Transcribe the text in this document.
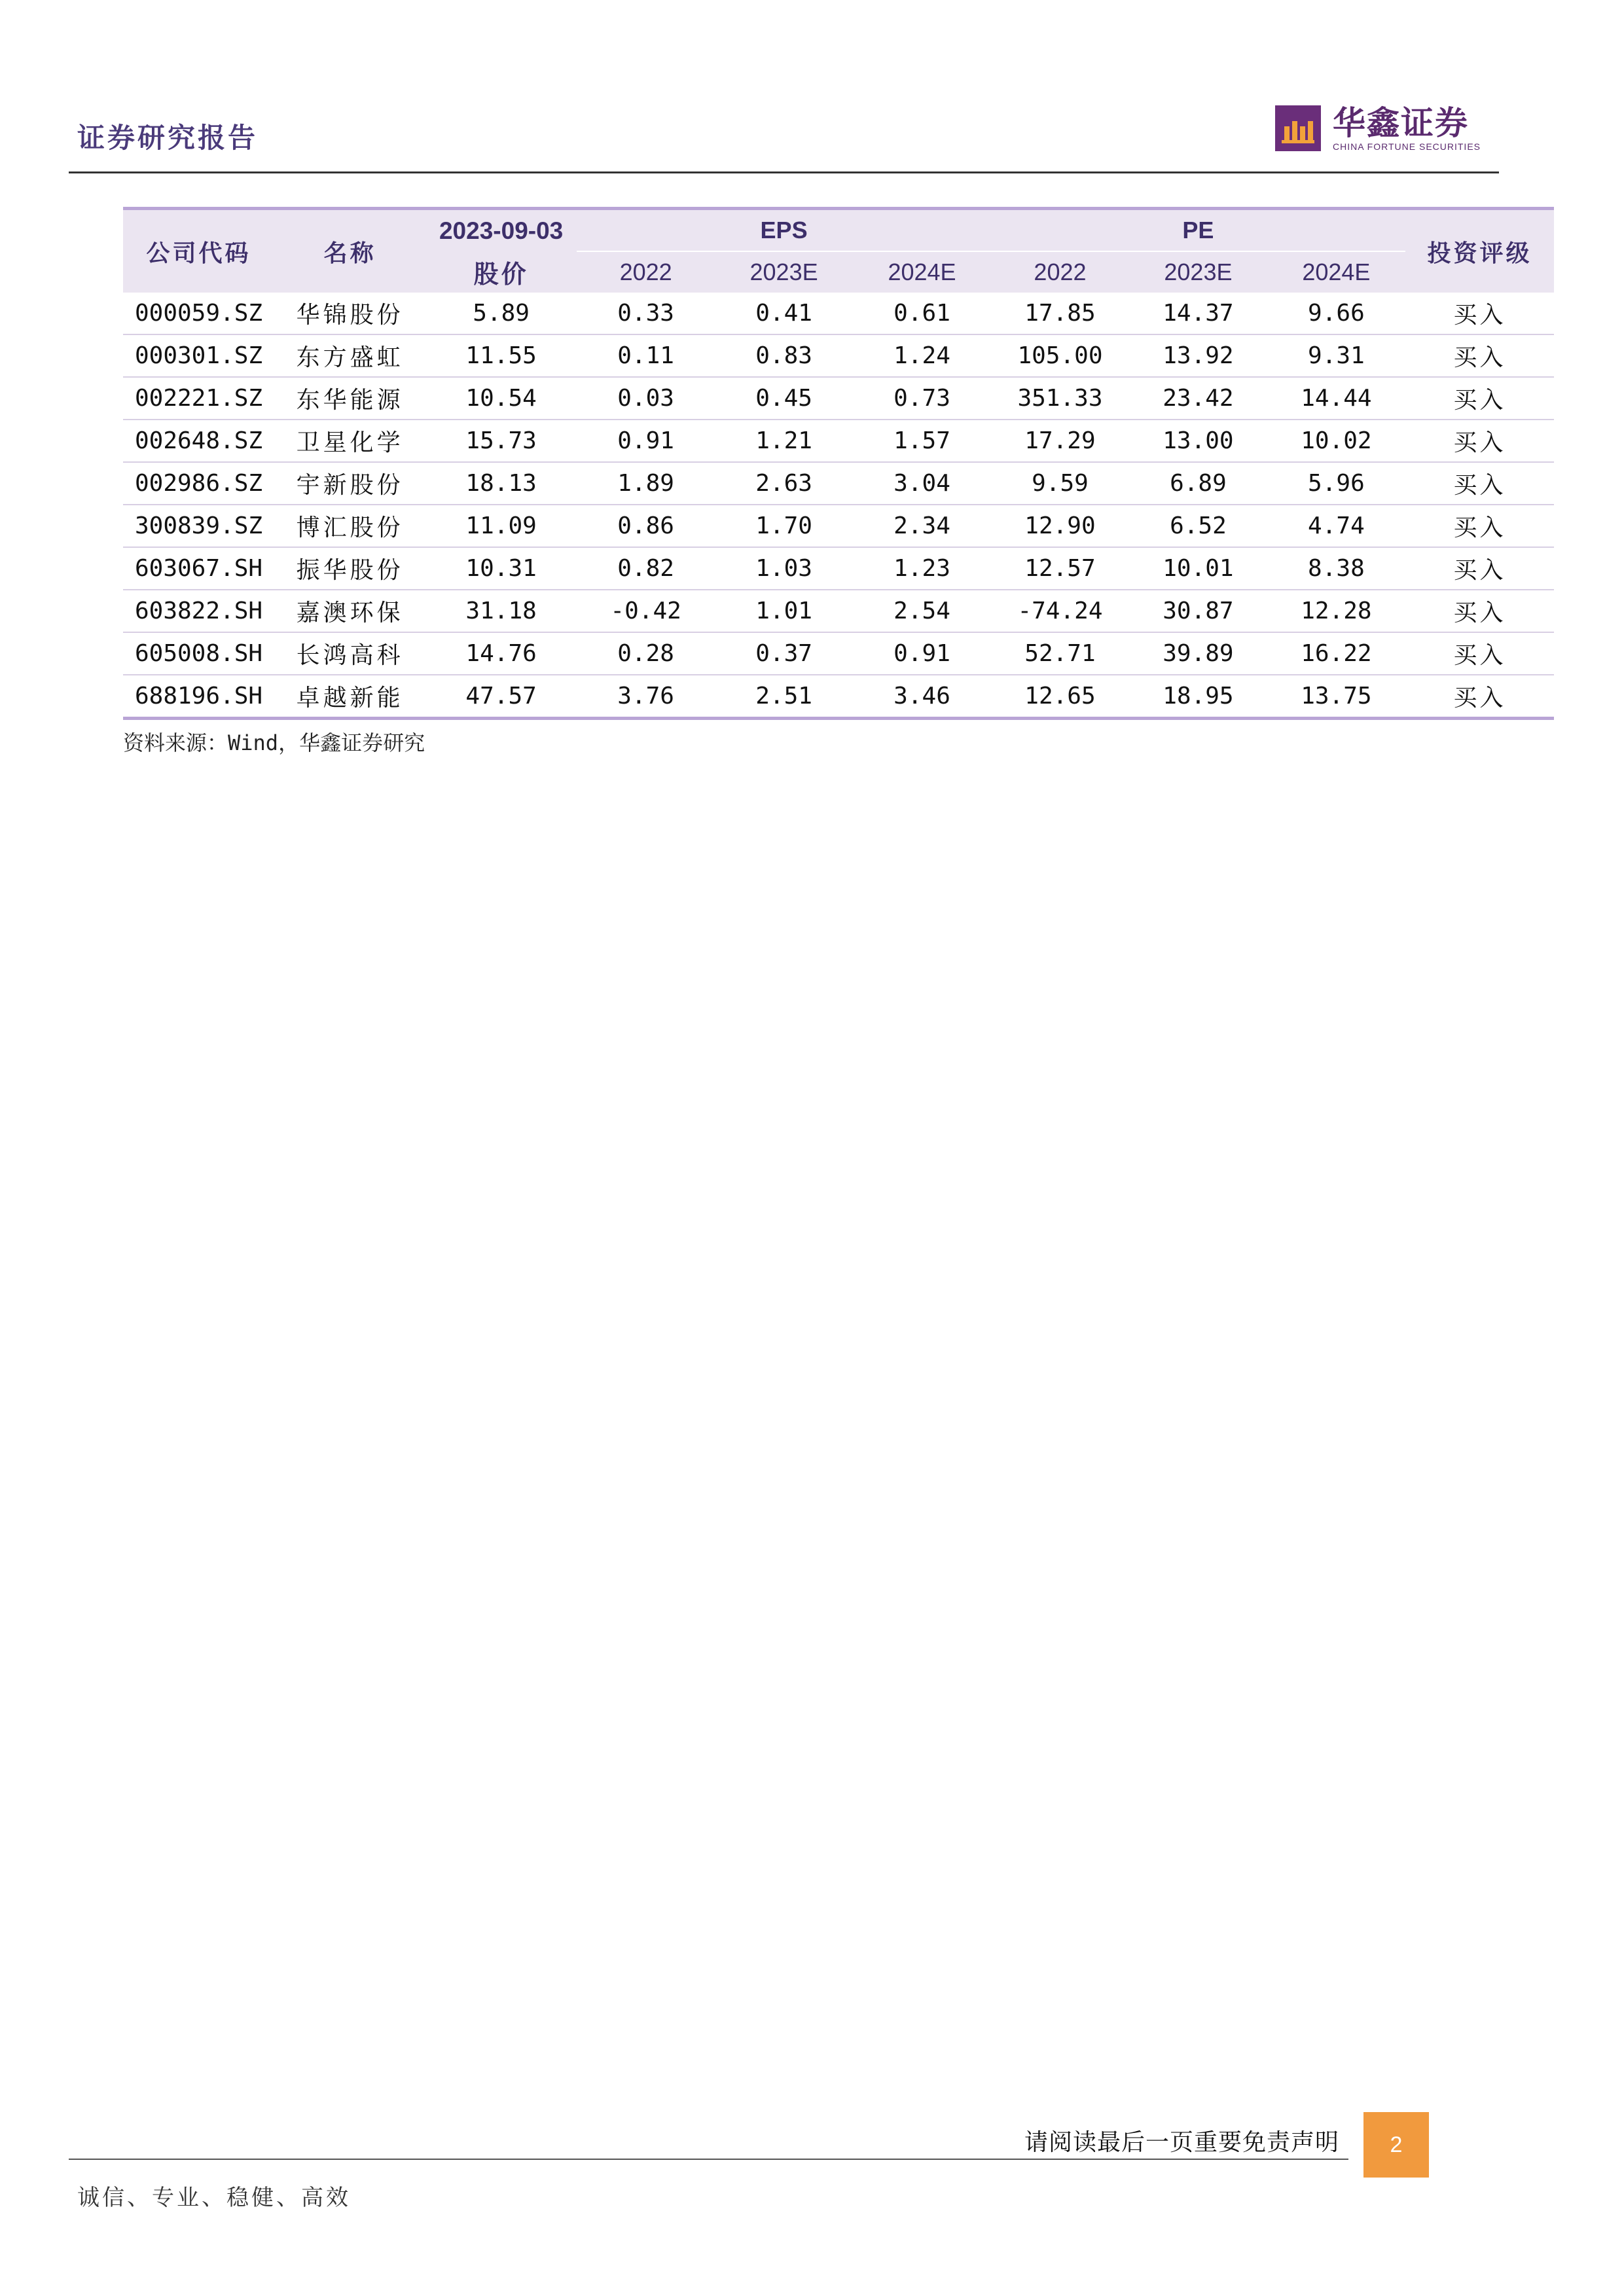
证券研究报告	华鑫证券
CHINA FORTUNE SECURITIES
公司代码	名称	2023-09-03	EPS			PE			投资评级
		股价	2022	2023E	2024E	2022	2023E	2024E	
000059.SZ	华锦股份	5.89	0.33	0.41	0.61	17.85	14.37	9.66	买入
000301.SZ	东方盛虹	11.55	0.11	0.83	1.24	105.00	13.92	9.31	买入
002221.SZ	东华能源	10.54	0.03	0.45	0.73	351.33	23.42	14.44	买入
002648.SZ	卫星化学	15.73	0.91	1.21	1.57	17.29	13.00	10.02	买入
002986.SZ	宇新股份	18.13	1.89	2.63	3.04	9.59	6.89	5.96	买入
300839.SZ	博汇股份	11.09	0.86	1.70	2.34	12.90	6.52	4.74	买入
603067.SH	振华股份	10.31	0.82	1.03	1.23	12.57	10.01	8.38	买入
603822.SH	嘉澳环保	31.18	-0.42	1.01	2.54	-74.24	30.87	12.28	买入
605008.SH	长鸿高科	14.76	0.28	0.37	0.91	52.71	39.89	16.22	买入
688196.SH	卓越新能	47.57	3.76	2.51	3.46	12.65	18.95	13.75	买入
资料来源：Wind，华鑫证券研究
请阅读最后一页重要免责声明	2
诚信、专业、稳健、高效
